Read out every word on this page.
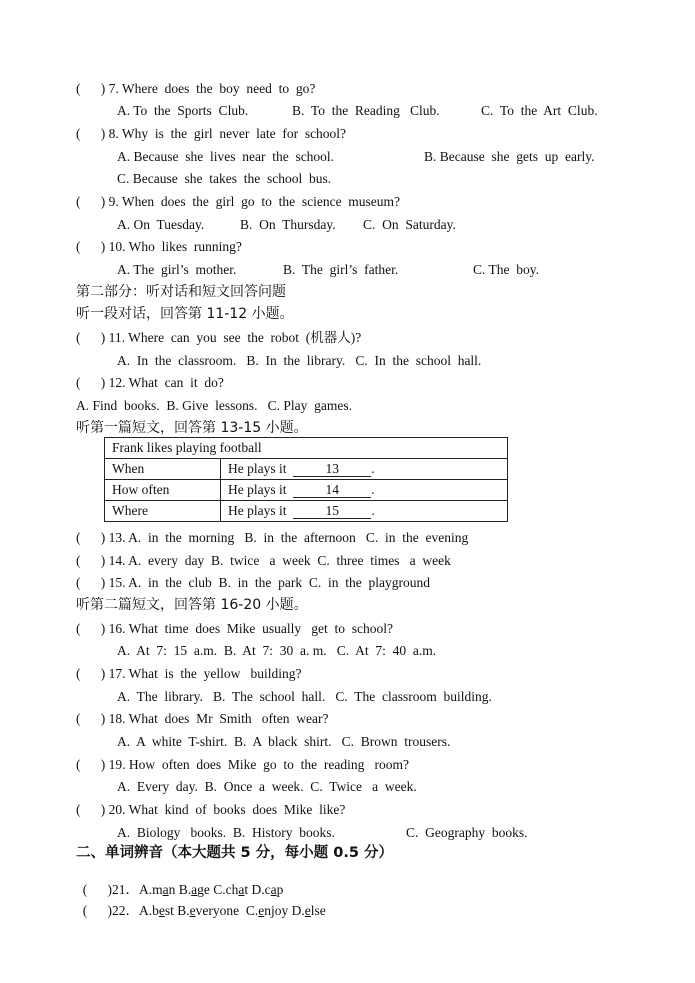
(      ) 7. Where  does  the  boy  need  to  go?
A. To  the  Sports  Club.	B.  To  the  Reading   Club.	C.  To  the  Art  Club.
(      ) 8. Why  is  the  girl  never  late  for  school?
A. Because  she  lives  near  the  school.	B. Because  she  gets  up  early.
C. Because  she  takes  the  school  bus.
(      ) 9. When  does  the  girl  go  to  the  science  museum?
A. On  Tuesday.	B.  On  Thursday. C.  On  Saturday.
(      ) 10. Who  likes  running?
A. The  girl’s  mother.	B.  The  girl’s  father.	C. The  boy.
第二部分：听对话和短文回答问题
听一段对话，回答第 11-12 小题。
(      ) 11. Where  can  you  see  the  robot  (机器人)?
A.  In  the  classroom.   B.  In  the  library.   C.  In  the  school  hall.
(      ) 12. What  can  it  do?
A. Find  books.  B. Give  lessons.   C. Play  games.
听第一篇短文，回答第 13-15 小题。
Frank likes playing football	
When	He plays it 13 .
How often	He plays it 14 .
Where	He plays it 15 .
(      ) 13. A.  in  the  morning   B.  in  the  afternoon   C.  in  the  evening
(      ) 14. A.  every  day  B.  twice   a  week  C.  three  times   a  week
(      ) 15. A.  in  the  club  B.  in  the  park  C.  in  the  playground
听第二篇短文，回答第 16-20 小题。
(      ) 16. What  time  does  Mike  usually   get  to  school?
A.  At  7:  15  a.m.  B.  At  7:  30  a. m.   C.  At  7:  40  a.m.
(      ) 17. What  is  the  yellow   building?
A.  The  library.   B.  The  school  hall.   C.  The  classroom  building.
(      ) 18. What  does  Mr  Smith   often  wear?
A.  A  white  T-shirt.  B.  A  black  shirt.   C.  Brown  trousers.
(      ) 19. How  often  does  Mike  go  to  the  reading   room?
A.  Every  day.  B.  Once  a  week.  C.  Twice   a  week.
(      ) 20. What  kind  of  books  does  Mike  like?
A.  Biology   books.  B.  History  books.	C.  Geography  books.
二、单词辨音（本大题共 5 分，每小题 0.5 分）

(      )21．A.man B.age C.chat D.cap

(      )22．A.best B.everyone  C.enjoy D.else
